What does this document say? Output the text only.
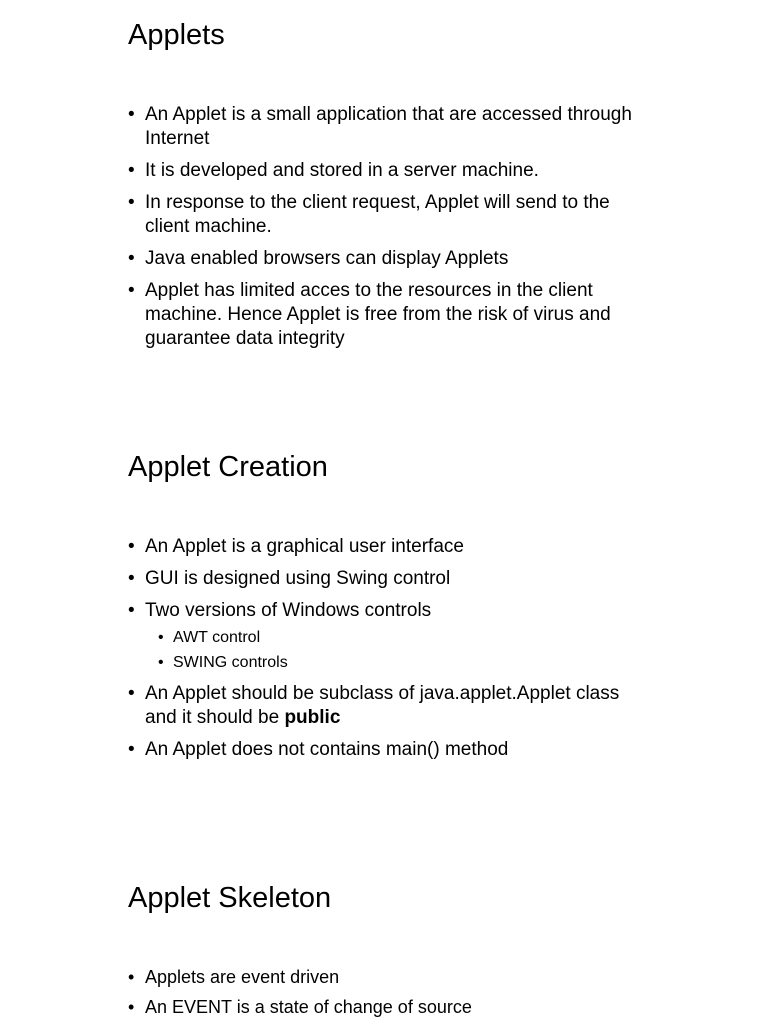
Applets
• An Applet is a small application that are accessed through Internet
• It is developed and stored in a server machine.
• In response to the client request, Applet will send to the client machine.
• Java enabled browsers can display Applets
• Applet has limited acces to the resources in the client machine. Hence Applet is free from the risk of virus and guarantee data integrity
Applet Creation
• An Applet is a graphical user interface
• GUI is designed using Swing control
• Two versions of Windows controls
• AWT control
• SWING controls
• An Applet should be subclass of java.applet.Applet class and it should be public
• An Applet does not contains main() method
Applet Skeleton
• Applets are event driven
• An EVENT is a state of change of source
